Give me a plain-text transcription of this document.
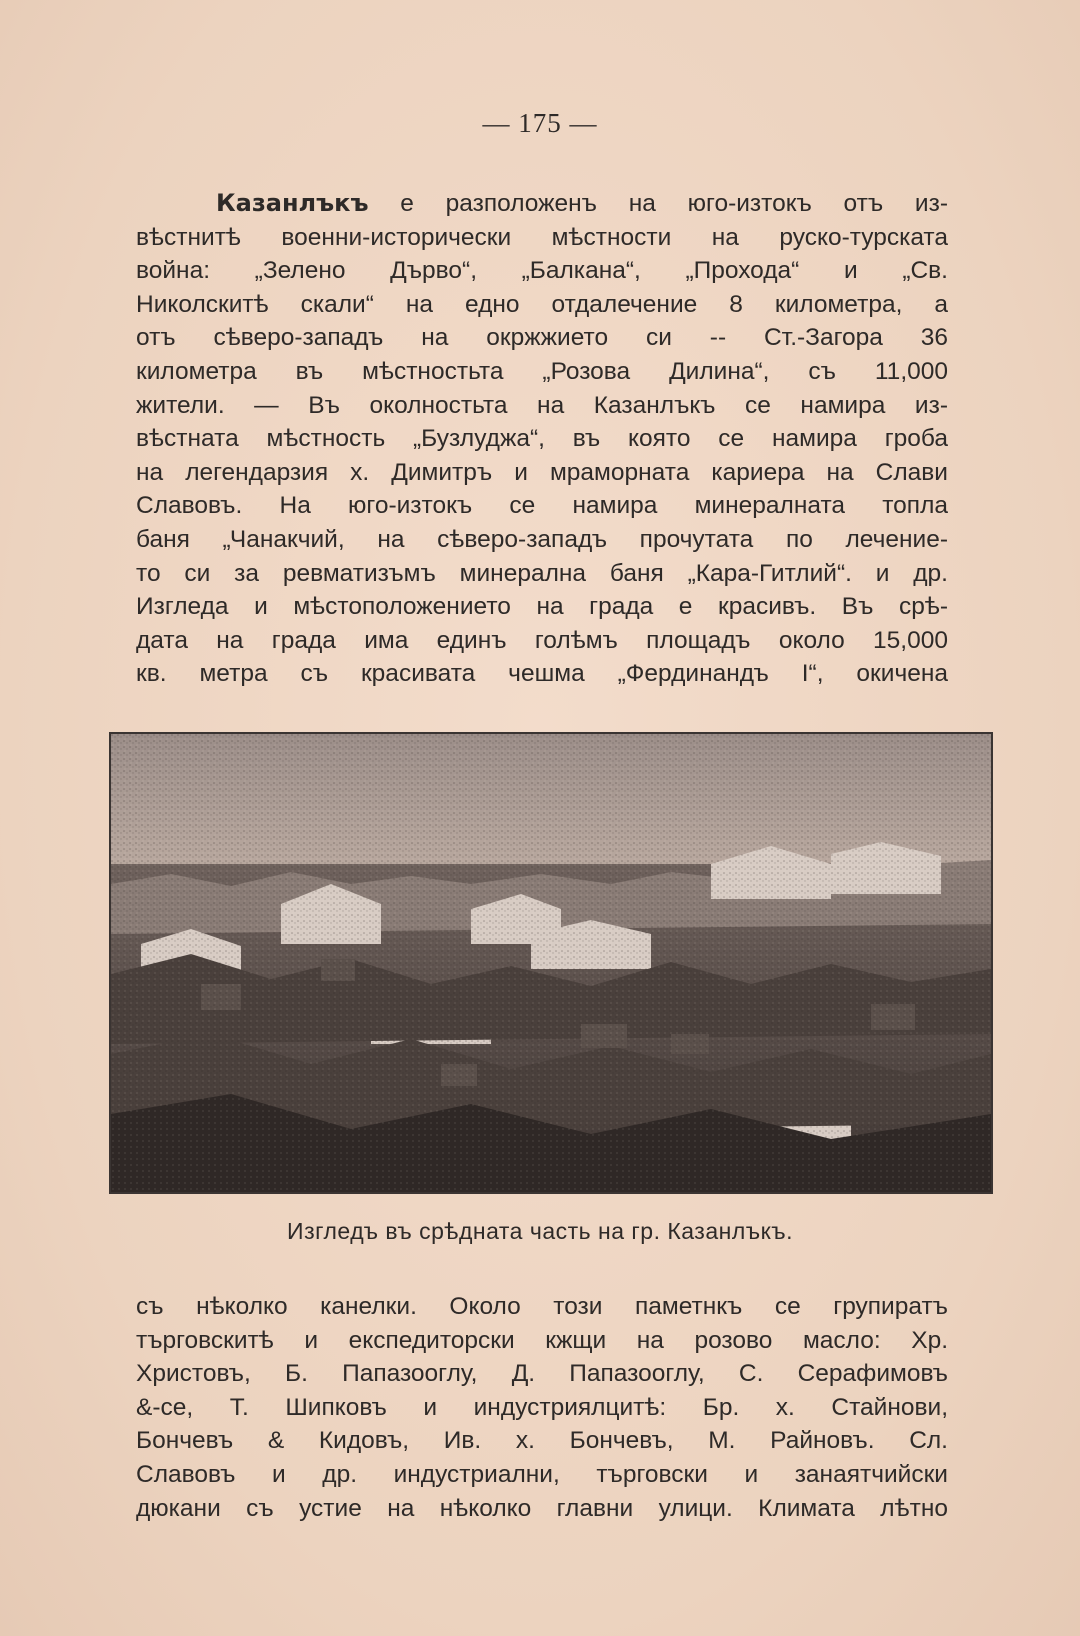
— 175 —
Казанлъкъ е разположенъ на юго-изтокъ отъ из-
вѣстнитѣ военни-исторически мѣстности на руско-турската
война: „Зелено Дърво“, „Балкана“, „Прохода“ и „Св.
Николскитѣ скали“ на едно отдалечение 8 километра, а
отъ сѣверо-западъ на окржжието си -- Ст.-Загора 36
километра въ мѣстностьта „Розова Дилина“, съ 11,000
жители. — Въ околностьта на Казанлъкъ се намира из-
вѣстната мѣстность „Бузлуджа“, въ която се намира гроба
на легендарзия х. Димитръ и мраморната кариера на Слави
Славовъ. На юго-изтокъ се намира минералната топла
баня „Чанакчий, на сѣверо-западъ прочутата по лечение-
то си за ревматизъмъ минерална баня „Кара-Гитлий“. и др.
Изгледа и мѣстоположението на града е красивъ. Въ срѣ-
дата на града има единъ голѣмъ площадъ около 15,000
кв. метра съ красивата чешма „Фердинандъ I“, окичена
Изгледъ въ срѣдната часть на гр. Казанлъкъ.
съ нѣколко канелки. Около този паметнкъ се групиратъ
търговскитѣ и експедиторски кжщи на розово масло: Хр.
Христовъ, Б. Папазооглу, Д. Папазооглу, С. Серафимовъ
&-се, Т. Шипковъ и индустриялцитѣ: Бр. х. Стайнови,
Бончевъ & Кидовъ, Ив. х. Бончевъ, М. Райновъ. Сл.
Славовъ и др. индустриални, търговски и занаятчийски
дюкани съ устие на нѣколко главни улици. Климата лѣтно
